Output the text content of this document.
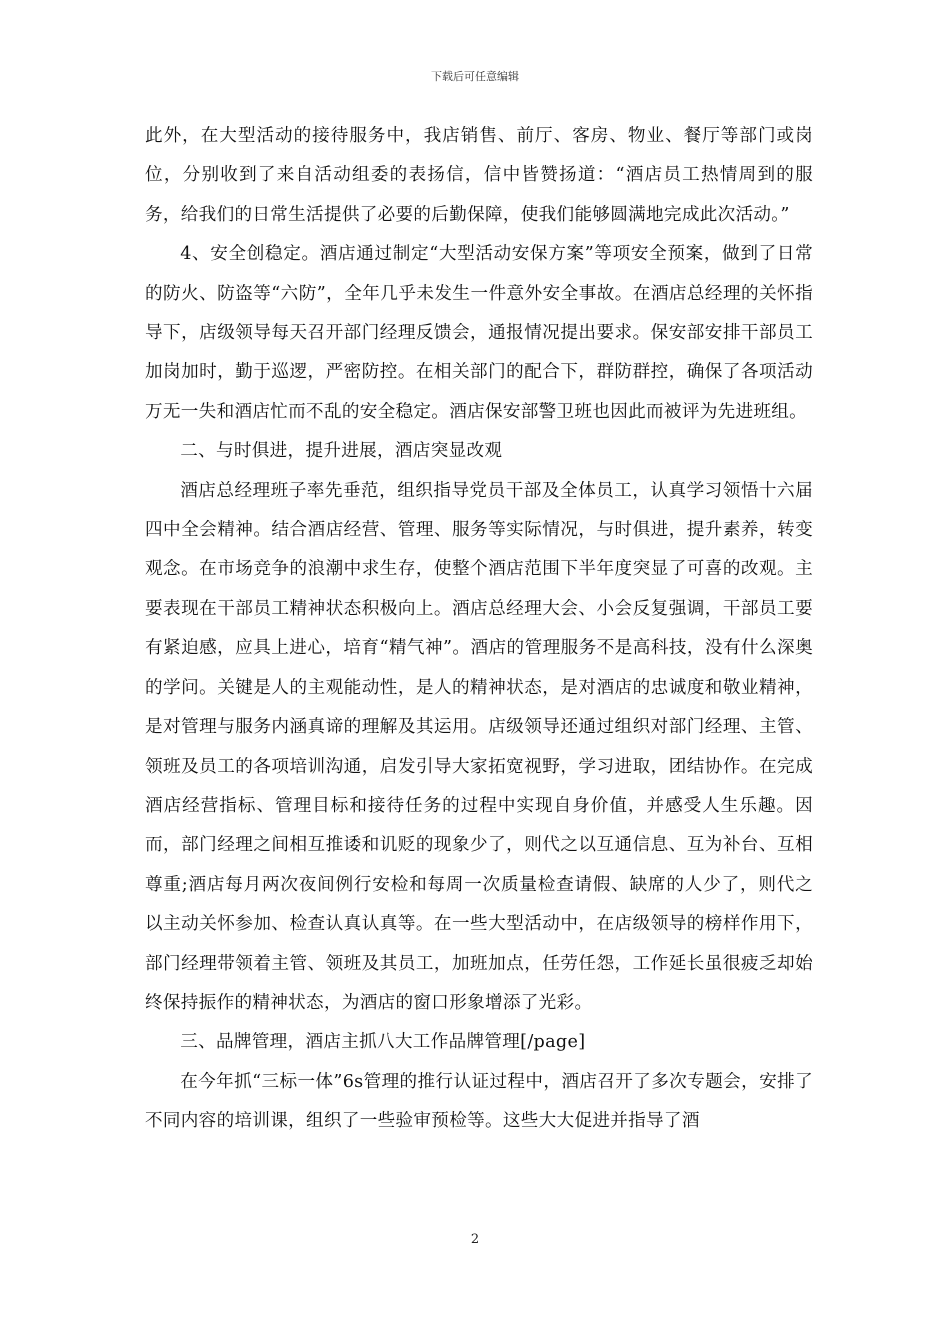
下载后可任意编辑

此外，在大型活动的接待服务中，我店销售、前厅、客房、物业、餐厅等部门或岗位，分别收到了来自活动组委的表扬信，信中皆赞扬道：“酒店员工热情周到的服务，给我们的日常生活提供了必要的后勤保障，使我们能够圆满地完成此次活动。”

4、安全创稳定。酒店通过制定“大型活动安保方案”等项安全预案，做到了日常的防火、防盗等“六防”，全年几乎未发生一件意外安全事故。在酒店总经理的关怀指导下，店级领导每天召开部门经理反馈会，通报情况提出要求。保安部安排干部员工加岗加时，勤于巡逻，严密防控。在相关部门的配合下，群防群控，确保了各项活动万无一失和酒店忙而不乱的安全稳定。酒店保安部警卫班也因此而被评为先进班组。

二、与时俱进，提升进展，酒店突显改观

酒店总经理班子率先垂范，组织指导党员干部及全体员工，认真学习领悟十六届四中全会精神。结合酒店经营、管理、服务等实际情况，与时俱进，提升素养，转变观念。在市场竞争的浪潮中求生存，使整个酒店范围下半年度突显了可喜的改观。主要表现在干部员工精神状态积极向上。酒店总经理大会、小会反复强调，干部员工要有紧迫感，应具上进心，培育“精气神”。酒店的管理服务不是高科技，没有什么深奥的学问。关键是人的主观能动性，是人的精神状态，是对酒店的忠诚度和敬业精神，是对管理与服务内涵真谛的理解及其运用。店级领导还通过组织对部门经理、主管、领班及员工的各项培训沟通，启发引导大家拓宽视野，学习进取，团结协作。在完成酒店经营指标、管理目标和接待任务的过程中实现自身价值，并感受人生乐趣。因而，部门经理之间相互推诿和讥贬的现象少了，则代之以互通信息、互为补台、互相尊重;酒店每月两次夜间例行安检和每周一次质量检查请假、缺席的人少了，则代之以主动关怀参加、检查认真认真等。在一些大型活动中，在店级领导的榜样作用下，部门经理带领着主管、领班及其员工，加班加点，任劳任怨，工作延长虽很疲乏却始终保持振作的精神状态，为酒店的窗口形象增添了光彩。

三、品牌管理，酒店主抓八大工作品牌管理[/page]

在今年抓“三标一体”6s管理的推行认证过程中，酒店召开了多次专题会，安排了不同内容的培训课，组织了一些验审预检等。这些大大促进并指导了酒

2
